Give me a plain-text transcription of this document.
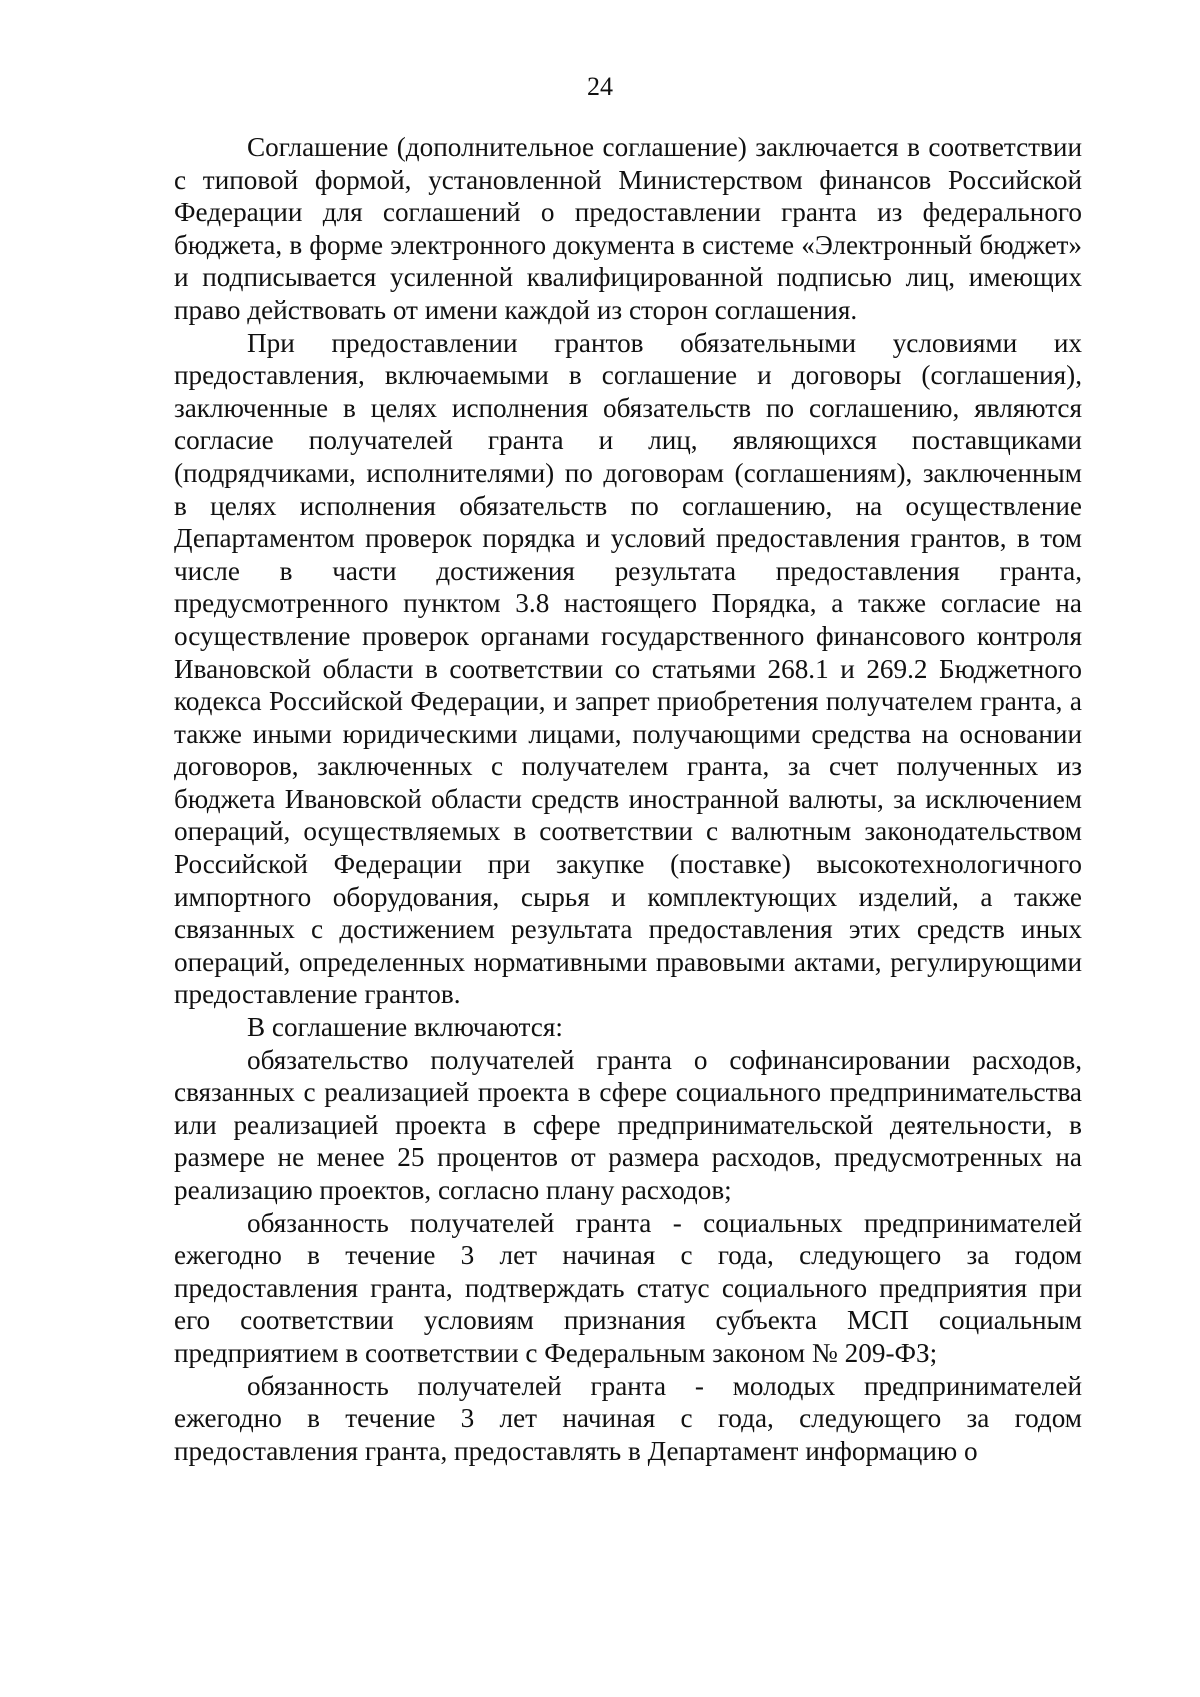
24

Соглашение (дополнительное соглашение) заключается в соответствии с типовой формой, установленной Министерством финансов Российской Федерации для соглашений о предоставлении гранта из федерального бюджета, в форме электронного документа в системе «Электронный бюджет» и подписывается усиленной квалифицированной подписью лиц, имеющих право действовать от имени каждой из сторон соглашения.

При предоставлении грантов обязательными условиями их предоставления, включаемыми в соглашение и договоры (соглашения), заключенные в целях исполнения обязательств по соглашению, являются согласие получателей гранта и лиц, являющихся поставщиками (подрядчиками, исполнителями) по договорам (соглашениям), заключенным в целях исполнения обязательств по соглашению, на осуществление Департаментом проверок порядка и условий предоставления грантов, в том числе в части достижения результата предоставления гранта, предусмотренного пунктом 3.8 настоящего Порядка, а также согласие на осуществление проверок органами государственного финансового контроля Ивановской области в соответствии со статьями 268.1 и 269.2 Бюджетного кодекса Российской Федерации, и запрет приобретения получателем гранта, а также иными юридическими лицами, получающими средства на основании договоров, заключенных с получателем гранта, за счет полученных из бюджета Ивановской области средств иностранной валюты, за исключением операций, осуществляемых в соответствии с валютным законодательством Российской Федерации при закупке (поставке) высокотехнологичного импортного оборудования, сырья и комплектующих изделий, а также связанных с достижением результата предоставления этих средств иных операций, определенных нормативными правовыми актами, регулирующими предоставление грантов.

В соглашение включаются:

обязательство получателей гранта о софинансировании расходов, связанных с реализацией проекта в сфере социального предпринимательства или реализацией проекта в сфере предпринимательской деятельности, в размере не менее 25 процентов от размера расходов, предусмотренных на реализацию проектов, согласно плану расходов;

обязанность получателей гранта - социальных предпринимателей ежегодно в течение 3 лет начиная с года, следующего за годом предоставления гранта, подтверждать статус социального предприятия при его соответствии условиям признания субъекта МСП социальным предприятием в соответствии с Федеральным законом № 209-ФЗ;

обязанность получателей гранта - молодых предпринимателей ежегодно в течение 3 лет начиная с года, следующего за годом предоставления гранта, предоставлять в Департамент информацию о
